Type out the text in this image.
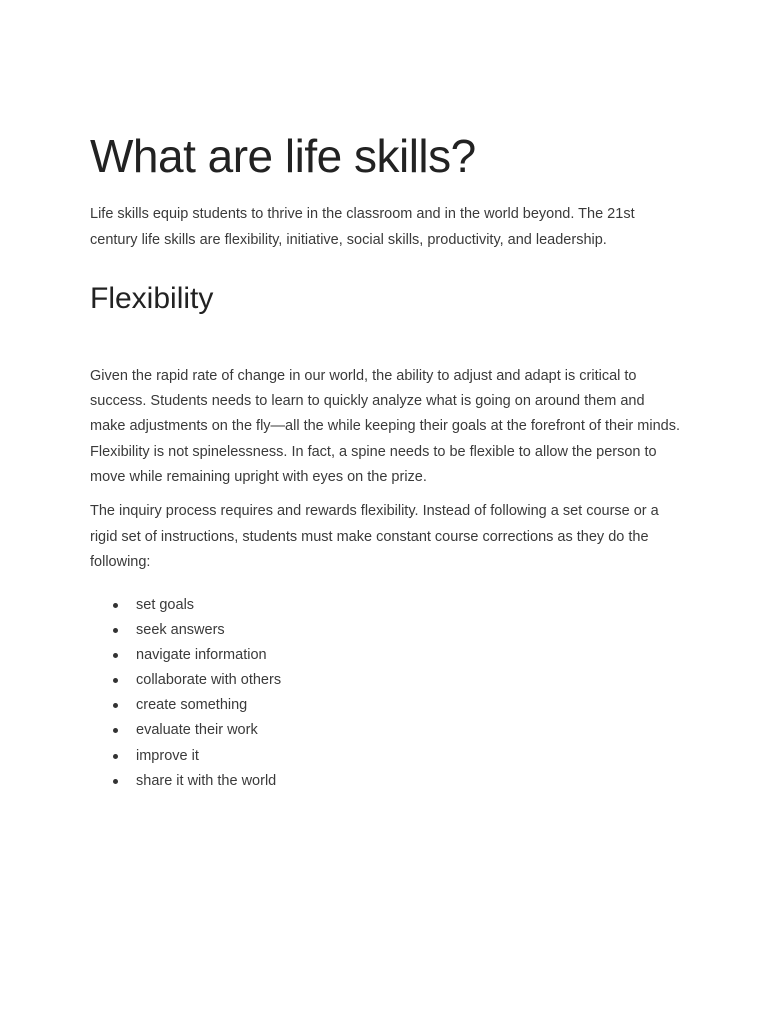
What are life skills?

Life skills equip students to thrive in the classroom and in the world beyond. The 21st century life skills are flexibility, initiative, social skills, productivity, and leadership.

Flexibility

Given the rapid rate of change in our world, the ability to adjust and adapt is critical to success. Students needs to learn to quickly analyze what is going on around them and make adjustments on the fly—all the while keeping their goals at the forefront of their minds. Flexibility is not spinelessness. In fact, a spine needs to be flexible to allow the person to move while remaining upright with eyes on the prize.

The inquiry process requires and rewards flexibility. Instead of following a set course or a rigid set of instructions, students must make constant course corrections as they do the following:

set goals
seek answers
navigate information
collaborate with others
create something
evaluate their work
improve it
share it with the world
